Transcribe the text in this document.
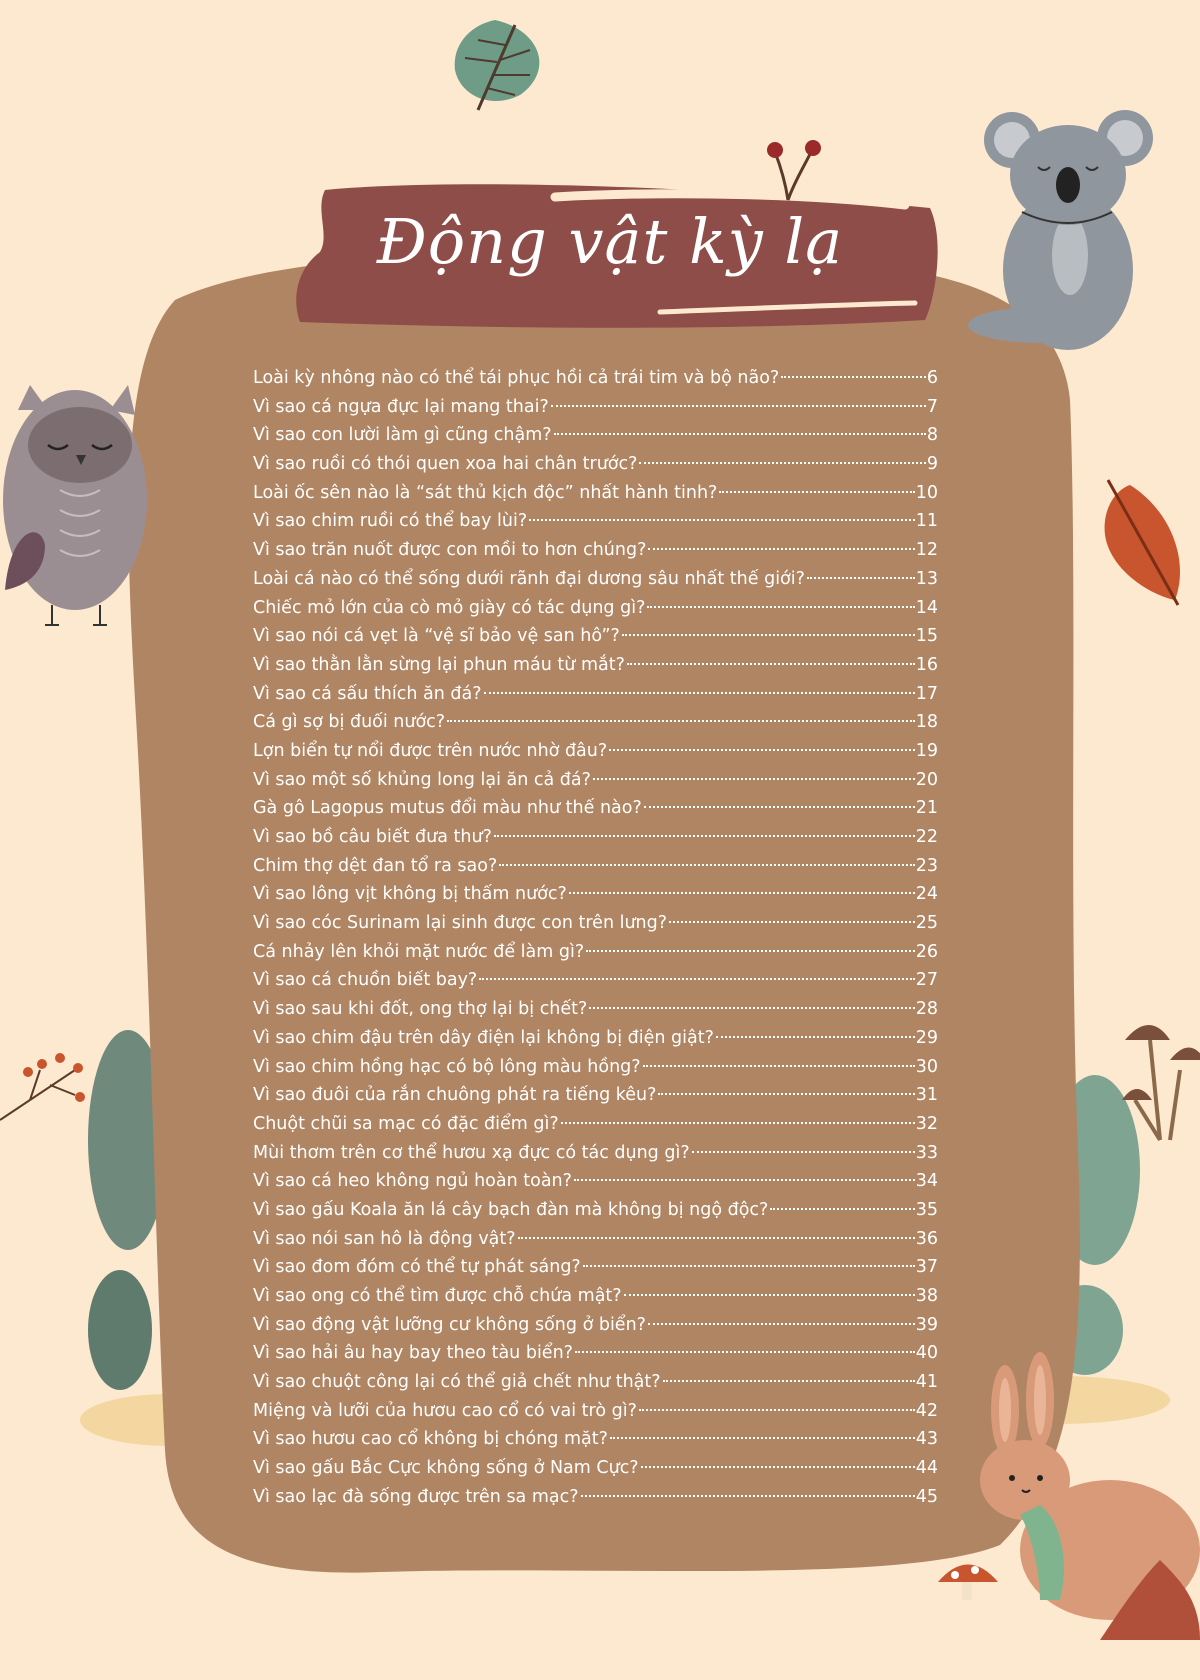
Động vật kỳ lạ
Loài kỳ nhông nào có thể tái phục hồi cả trái tim và bộ não?	6
Vì sao cá ngựa đực lại mang thai?	7
Vì sao con lười làm gì cũng chậm?	8
Vì sao ruồi có thói quen xoa hai chân trước?	9
Loài ốc sên nào là “sát thủ kịch độc” nhất hành tinh?	10
Vì sao chim ruồi có thể bay lùi?	11
Vì sao trăn nuốt được con mồi to hơn chúng?	12
Loài cá nào có thể sống dưới rãnh đại dương sâu nhất thế giới?	13
Chiếc mỏ lớn của cò mỏ giày có tác dụng gì?	14
Vì sao nói cá vẹt là “vệ sĩ bảo vệ san hô”?	15
Vì sao thằn lằn sừng lại phun máu từ mắt?	16
Vì sao cá sấu thích ăn đá?	17
Cá gì sợ bị đuối nước?	18
Lợn biển tự nổi được trên nước nhờ đâu?	19
Vì sao một số khủng long lại ăn cả đá?	20
Gà gô Lagopus mutus đổi màu như thế nào?	21
Vì sao bồ câu biết đưa thư?	22
Chim thợ dệt đan tổ ra sao?	23
Vì sao lông vịt không bị thấm nước?	24
Vì sao cóc Surinam lại sinh được con trên lưng?	25
Cá nhảy lên khỏi mặt nước để làm gì?	26
Vì sao cá chuồn biết bay?	27
Vì sao sau khi đốt, ong thợ lại bị chết?	28
Vì sao chim đậu trên dây điện lại không bị điện giật?	29
Vì sao chim hồng hạc có bộ lông màu hồng?	30
Vì sao đuôi của rắn chuông phát ra tiếng kêu?	31
Chuột chũi sa mạc có đặc điểm gì?	32
Mùi thơm trên cơ thể hươu xạ đực có tác dụng gì?	33
Vì sao cá heo không ngủ hoàn toàn?	34
Vì sao gấu Koala ăn lá cây bạch đàn mà không bị ngộ độc?	35
Vì sao nói san hô là động vật?	36
Vì sao đom đóm có thể tự phát sáng?	37
Vì sao ong có thể tìm được chỗ chứa mật?	38
Vì sao động vật lưỡng cư không sống ở biển?	39
Vì sao hải âu hay bay theo tàu biển?	40
Vì sao chuột công lại có thể giả chết như thật?	41
Miệng và lưỡi của hươu cao cổ có vai trò gì?	42
Vì sao hươu cao cổ không bị chóng mặt?	43
Vì sao gấu Bắc Cực không sống ở Nam Cực?	44
Vì sao lạc đà sống được trên sa mạc?	45
